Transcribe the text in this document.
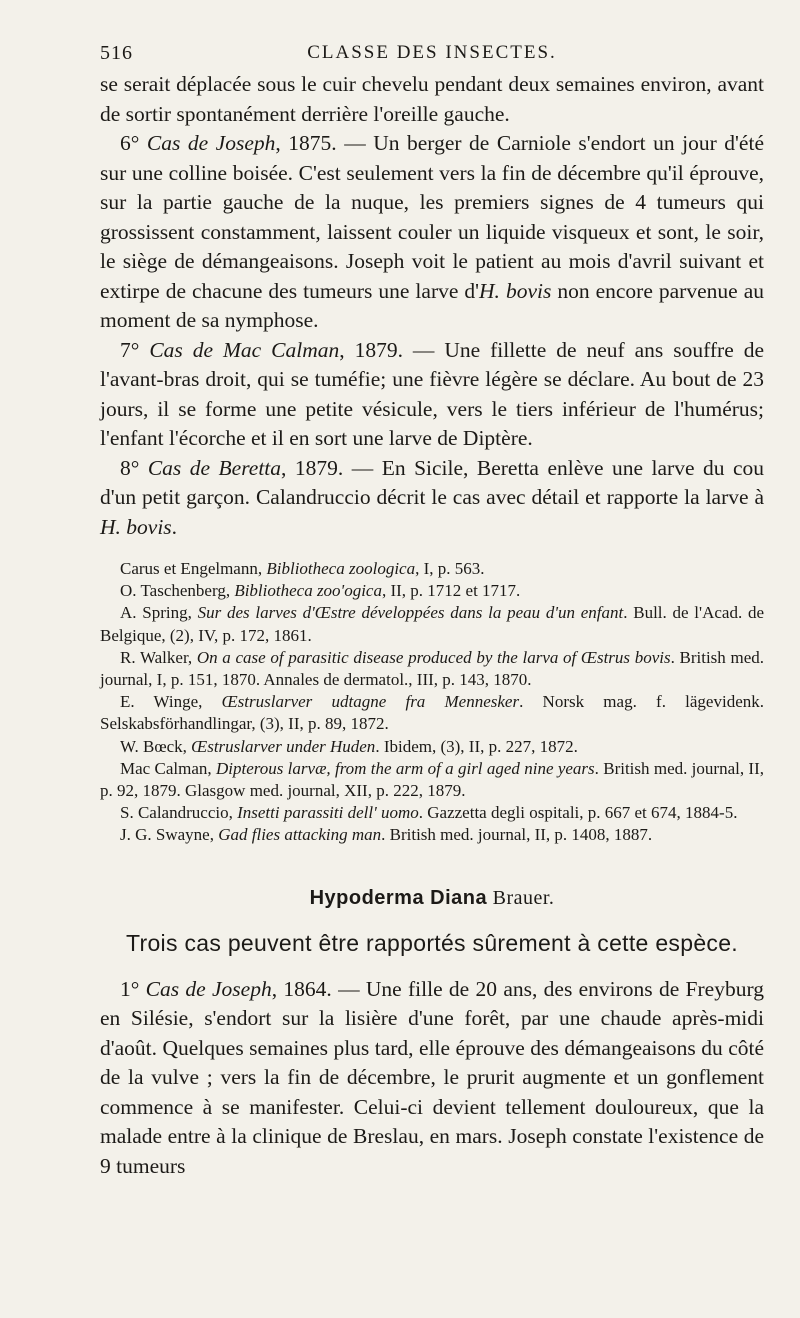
516	CLASSE DES INSECTES.

se serait déplacée sous le cuir chevelu pendant deux semaines environ, avant de sortir spontanément derrière l'oreille gauche.

6° Cas de Joseph, 1875. — Un berger de Carniole s'endort un jour d'été sur une colline boisée. C'est seulement vers la fin de décembre qu'il éprouve, sur la partie gauche de la nuque, les premiers signes de 4 tumeurs qui grossissent constamment, laissent couler un liquide visqueux et sont, le soir, le siège de démangeaisons. Joseph voit le patient au mois d'avril suivant et extirpe de chacune des tumeurs une larve d'H. bovis non encore parvenue au moment de sa nymphose.

7° Cas de Mac Calman, 1879. — Une fillette de neuf ans souffre de l'avant-bras droit, qui se tuméfie; une fièvre légère se déclare. Au bout de 23 jours, il se forme une petite vésicule, vers le tiers inférieur de l'humérus; l'enfant l'écorche et il en sort une larve de Diptère.

8° Cas de Beretta, 1879. — En Sicile, Beretta enlève une larve du cou d'un petit garçon. Calandruccio décrit le cas avec détail et rapporte la larve à H. bovis.

Carus et Engelmann, Bibliotheca zoologica, I, p. 563.

O. Taschenberg, Bibliotheca zoo'ogica, II, p. 1712 et 1717.

A. Spring, Sur des larves d'Œstre développées dans la peau d'un enfant. Bull. de l'Acad. de Belgique, (2), IV, p. 172, 1861.

R. Walker, On a case of parasitic disease produced by the larva of Œstrus bovis. British med. journal, I, p. 151, 1870. Annales de dermatol., III, p. 143, 1870.

E. Winge, Œstruslarver udtagne fra Mennesker. Norsk mag. f. lägevidenk. Selskabsförhandlingar, (3), II, p. 89, 1872.

W. Bœck, Œstruslarver under Huden. Ibidem, (3), II, p. 227, 1872.

Mac Calman, Dipterous larvæ, from the arm of a girl aged nine years. British med. journal, II, p. 92, 1879. Glasgow med. journal, XII, p. 222, 1879.

S. Calandruccio, Insetti parassiti dell' uomo. Gazzetta degli ospitali, p. 667 et 674, 1884-5.

J. G. Swayne, Gad flies attacking man. British med. journal, II, p. 1408, 1887.

Hypoderma Diana Brauer.
Trois cas peuvent être rapportés sûrement à cette espèce.

1° Cas de Joseph, 1864. — Une fille de 20 ans, des environs de Freyburg en Silésie, s'endort sur la lisière d'une forêt, par une chaude après-midi d'août. Quelques semaines plus tard, elle éprouve des démangeaisons du côté de la vulve ; vers la fin de décembre, le prurit augmente et un gonflement commence à se manifester. Celui-ci devient tellement douloureux, que la malade entre à la clinique de Breslau, en mars. Joseph constate l'existence de 9 tumeurs
